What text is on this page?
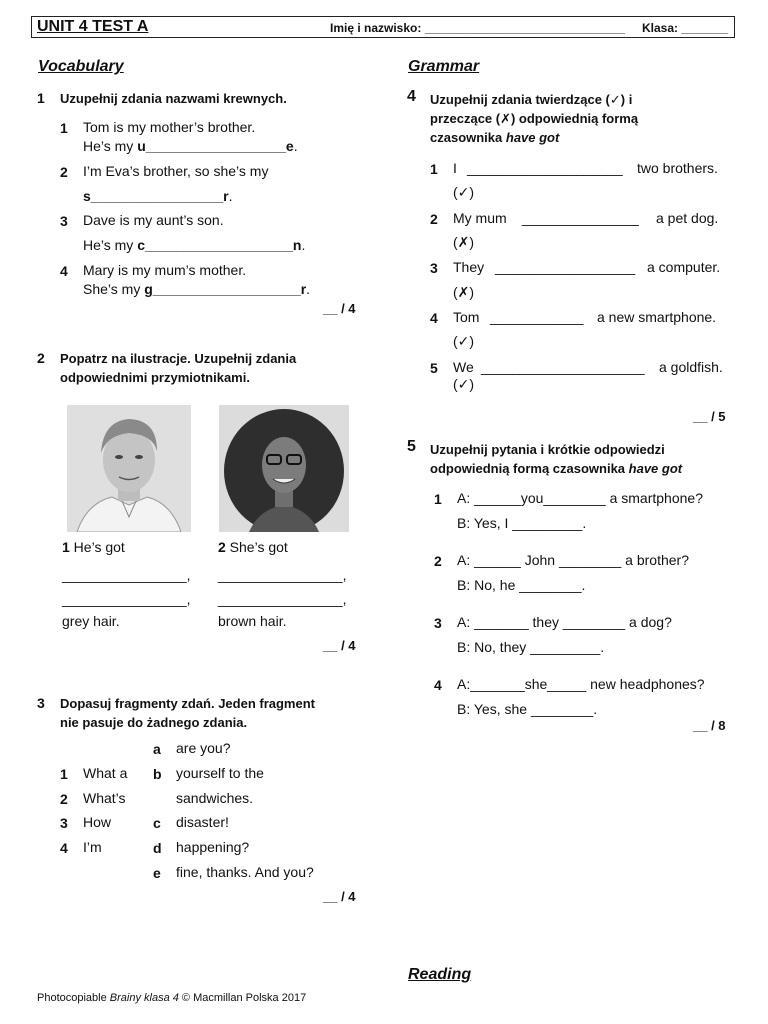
UNIT 4 TEST A	Imię i nazwisko: ______________________________ Klasa: _______
Vocabulary
1 Uzupełnij zdania nazwami krewnych.
1 Tom is my mother’s brother.
He’s my u__________________e.
2 I’m Eva’s brother, so she’s my
s_________________r.
3 Dave is my aunt’s son.
He’s my c___________________n.
4 Mary is my mum’s mother.
She’s my g___________________r.
__ / 4
2 Popatrz na ilustracje. Uzupełnij zdania
odpowiednimi przymiotnikami.
1 He’s got
________________,
________________,
grey hair.
2 She’s got
________________,
________________,
brown hair.
__ / 4
3 Dopasuj fragmenty zdań. Jeden fragment
nie pasuje do żadnego zdania.
a are you?
1 What a b yourself to the
2 What’s	sandwiches.
3 How	c disaster!
4 I’m	d happening?
e fine, thanks. And you?
__ / 4
Grammar
4 Uzupełnij zdania twierdzące (✓) i
przeczące (✗) odpowiednią formą
czasownika have got
1 I ____________________ two brothers.
(✓)
2 My mum _______________ a pet dog.
(✗)
3 They __________________ a computer.
(✗)
4 Tom ____________ a new smartphone.
(✓)
5 We _____________________ a goldfish.
(✓)
__ / 5
5 Uzupełnij pytania i krótkie odpowiedzi
odpowiednią formą czasownika have got
1 A: ______you________ a smartphone?
B: Yes, I _________.
2 A: ______ John ________ a brother?
B: No, he ________.
3 A: _______ they ________ a dog?
B: No, they _________.
4 A:_______she_____ new headphones?
B: Yes, she ________.
__ / 8
Reading
Photocopiable Brainy klasa 4 © Macmillan Polska 2017
